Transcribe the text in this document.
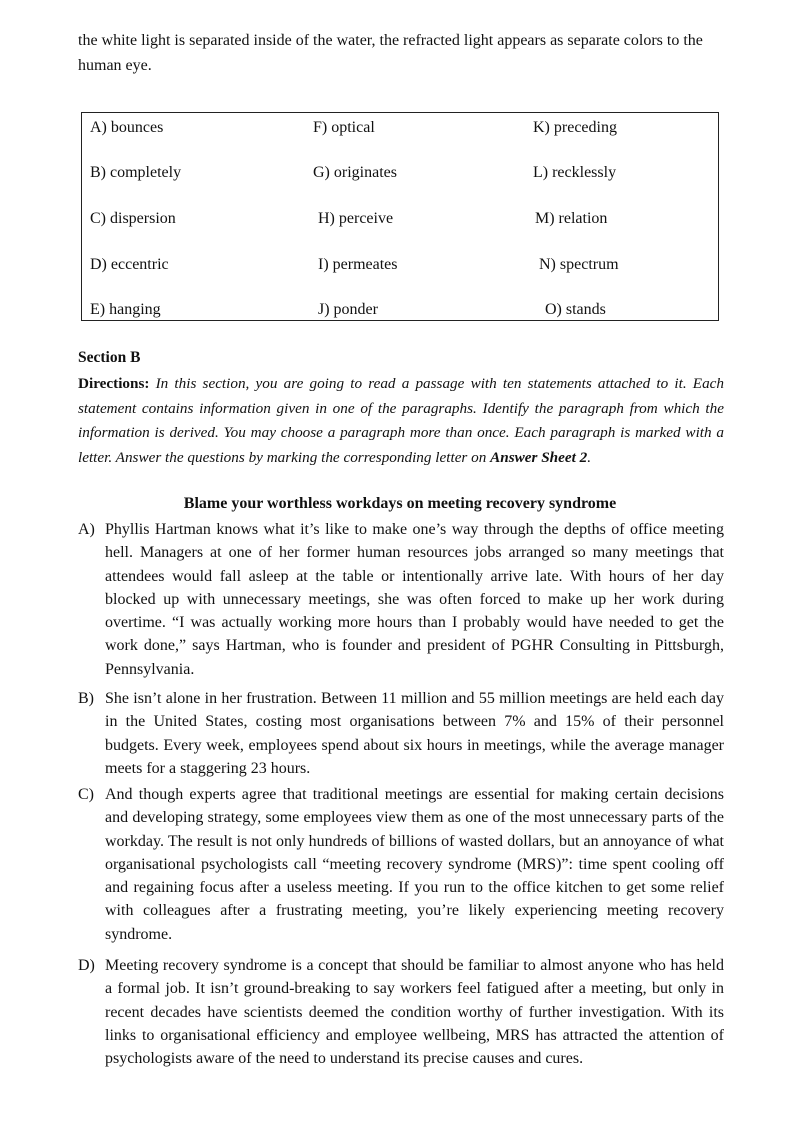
the white light is separated inside of the water, the refracted light appears as separate colors to the human eye.
A) bounces	F) optical	K) preceding
B) completely	G) originates	L) recklessly
C) dispersion	H) perceive	M) relation
D) eccentric	I) permeates	N) spectrum
E) hanging	J) ponder	O) stands
Section B
Directions: In this section, you are going to read a passage with ten statements attached to it. Each statement contains information given in one of the paragraphs. Identify the paragraph from which the information is derived. You may choose a paragraph more than once. Each paragraph is marked with a letter. Answer the questions by marking the corresponding letter on Answer Sheet 2.
Blame your worthless workdays on meeting recovery syndrome
A) Phyllis Hartman knows what it’s like to make one’s way through the depths of office meeting hell. Managers at one of her former human resources jobs arranged so many meetings that attendees would fall asleep at the table or intentionally arrive late. With hours of her day blocked up with unnecessary meetings, she was often forced to make up her work during overtime. “I was actually working more hours than I probably would have needed to get the work done,” says Hartman, who is founder and president of PGHR Consulting in Pittsburgh, Pennsylvania.
B) She isn’t alone in her frustration. Between 11 million and 55 million meetings are held each day in the United States, costing most organisations between 7% and 15% of their personnel budgets. Every week, employees spend about six hours in meetings, while the average manager meets for a staggering 23 hours.
C) And though experts agree that traditional meetings are essential for making certain decisions and developing strategy, some employees view them as one of the most unnecessary parts of the workday. The result is not only hundreds of billions of wasted dollars, but an annoyance of what organisational psychologists call “meeting recovery syndrome (MRS)”: time spent cooling off and regaining focus after a useless meeting. If you run to the office kitchen to get some relief with colleagues after a frustrating meeting, you’re likely experiencing meeting recovery syndrome.
D) Meeting recovery syndrome is a concept that should be familiar to almost anyone who has held a formal job. It isn’t ground-breaking to say workers feel fatigued after a meeting, but only in recent decades have scientists deemed the condition worthy of further investigation. With its links to organisational efficiency and employee wellbeing, MRS has attracted the attention of psychologists aware of the need to understand its precise causes and cures.
